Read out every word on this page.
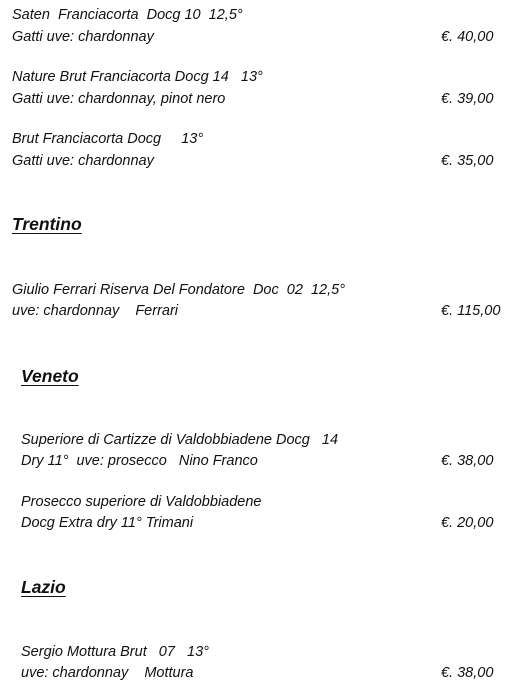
Saten  Franciacorta  Docg 10  12,5°
Gatti uve: chardonnay	€. 40,00
Nature Brut Franciacorta Docg 14   13°
Gatti uve: chardonnay, pinot nero	€. 39,00
Brut Franciacorta Docg     13°
Gatti uve: chardonnay	€. 35,00
Trentino
Giulio Ferrari Riserva Del Fondatore  Doc  02  12,5°
uve: chardonnay    Ferrari	€. 115,00
Veneto
Superiore di Cartizze di Valdobbiadene Docg   14
Dry 11°  uve: prosecco   Nino Franco	€. 38,00
Prosecco superiore di Valdobbiadene
Docg Extra dry 11° Trimani	€. 20,00
Lazio
Sergio Mottura Brut   07   13°
uve: chardonnay    Mottura	€. 38,00
